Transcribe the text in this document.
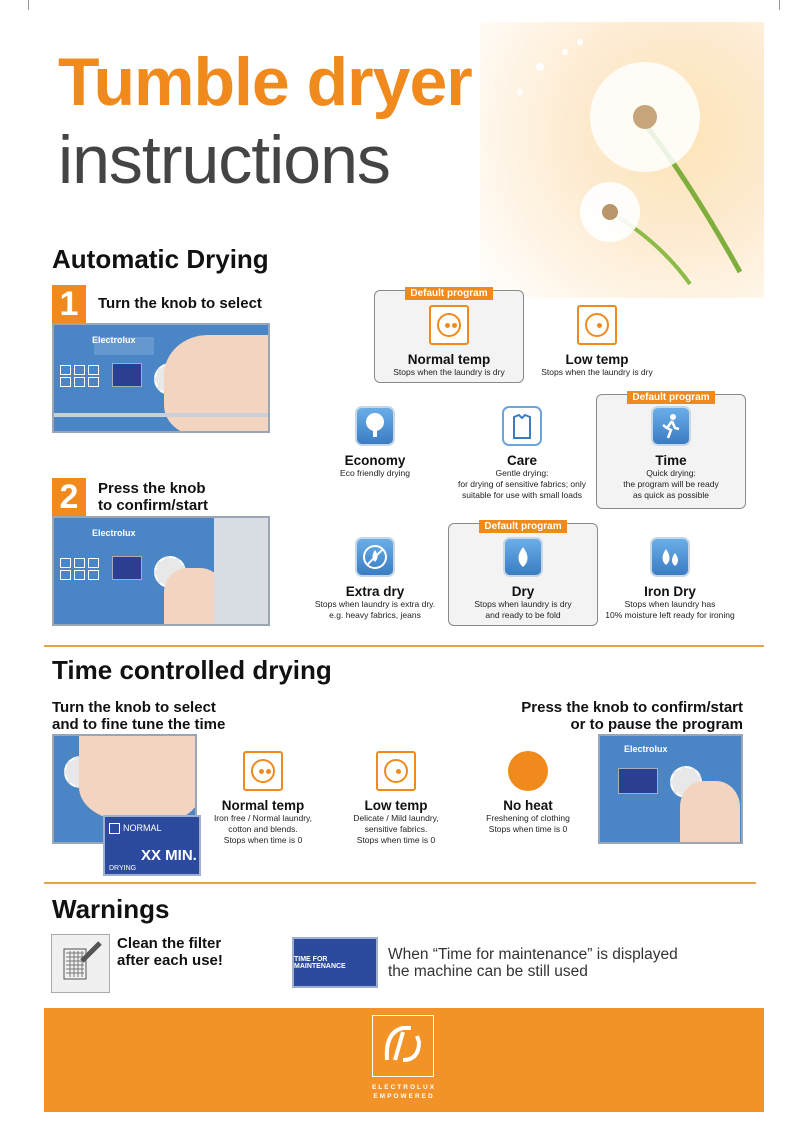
Tumble dryer
instructions
Automatic Drying
1	Turn the knob to select
Electrolux
2	Press the knob
to confirm/start
Electrolux
Default program
Default program
Default program
Normal temp
Stops when the laundry is dry
Low temp
Stops when the laundry is dry
Economy
Eco friendly drying
Care
Gentle drying:
for drying of sensitive fabrics; only
suitable for use with small loads
Time
Quick drying:
the program will be ready
as quick as possible
Extra dry
Stops when laundry is extra dry.
e.g. heavy fabrics, jeans
Dry
Stops when laundry is dry
and ready to be fold
Iron Dry
Stops when laundry has
10% moisture left ready for ironing
Time controlled drying
Turn the knob to select
and to fine tune the time
Press the knob to confirm/start
or to pause the program
NORMAL
XX MIN.
DRYING
Normal temp
Iron free / Normal laundry,
cotton and blends.
Stops when time is 0
Low temp
Delicate / Mild laundry,
sensitive fabrics.
Stops when time is 0
No heat
Freshening of clothing
Stops when time is 0
Electrolux
Warnings
Clean the filter
after each use!	TIME FOR MAINTENANCE
When “Time for maintenance” is displayed
the machine can be still used
ELECTROLUX
EMPOWERED
